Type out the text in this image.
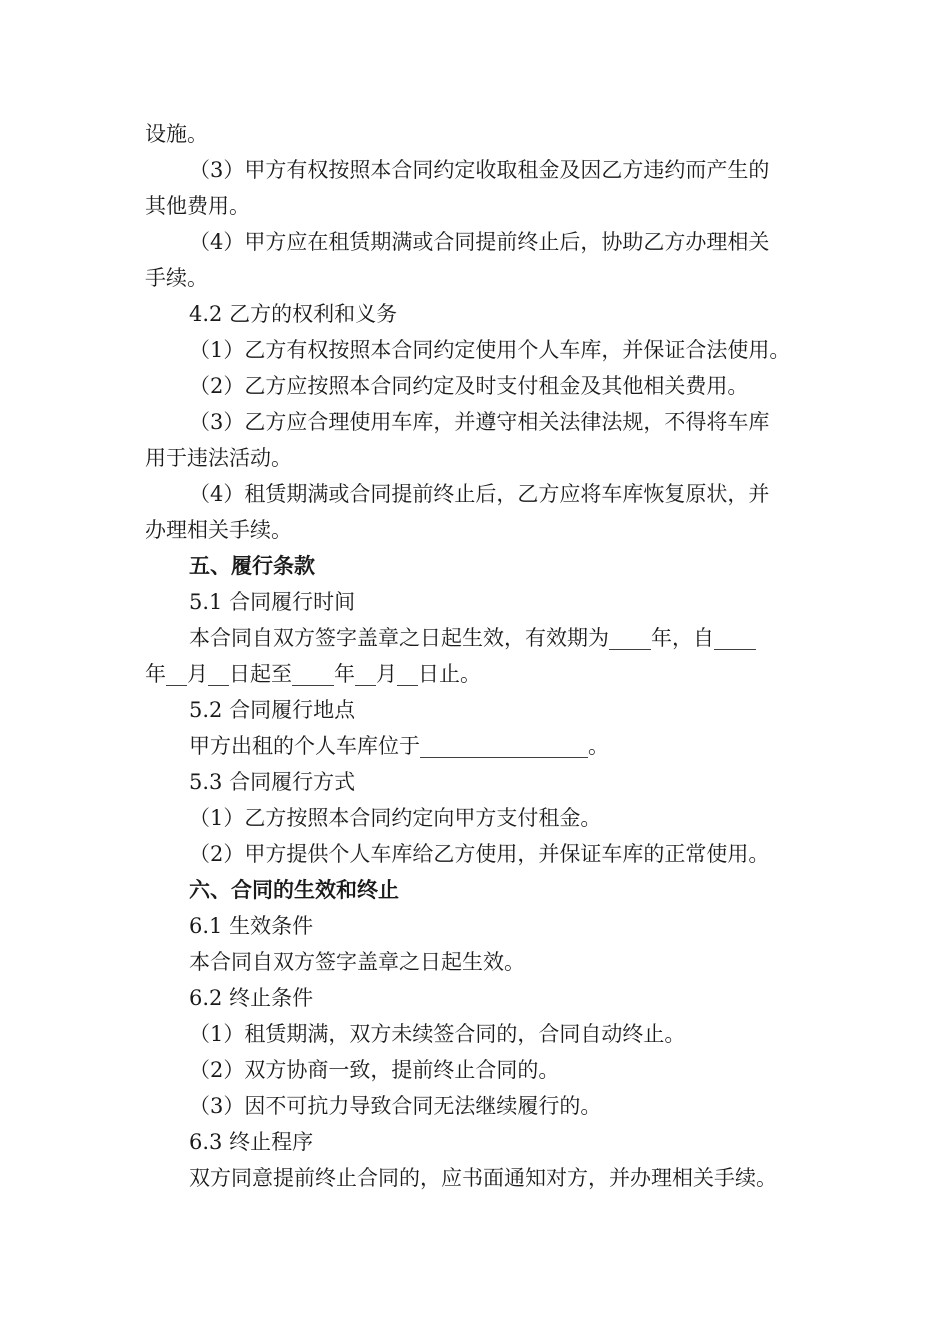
设施。
（3）甲方有权按照本合同约定收取租金及因乙方违约而产生的
其他费用。
（4）甲方应在租赁期满或合同提前终止后，协助乙方办理相关
手续。
4.2 乙方的权利和义务
（1）乙方有权按照本合同约定使用个人车库，并保证合法使用。
（2）乙方应按照本合同约定及时支付租金及其他相关费用。
（3）乙方应合理使用车库，并遵守相关法律法规，不得将车库
用于违法活动。
（4）租赁期满或合同提前终止后，乙方应将车库恢复原状，并
办理相关手续。
五、履行条款
5.1 合同履行时间
本合同自双方签字盖章之日起生效，有效期为____年，自____
年__月__日起至____年__月__日止。
5.2 合同履行地点
甲方出租的个人车库位于________________。
5.3 合同履行方式
（1）乙方按照本合同约定向甲方支付租金。
（2）甲方提供个人车库给乙方使用，并保证车库的正常使用。
六、合同的生效和终止
6.1 生效条件
本合同自双方签字盖章之日起生效。
6.2 终止条件
（1）租赁期满，双方未续签合同的，合同自动终止。
（2）双方协商一致，提前终止合同的。
（3）因不可抗力导致合同无法继续履行的。
6.3 终止程序
双方同意提前终止合同的，应书面通知对方，并办理相关手续。
